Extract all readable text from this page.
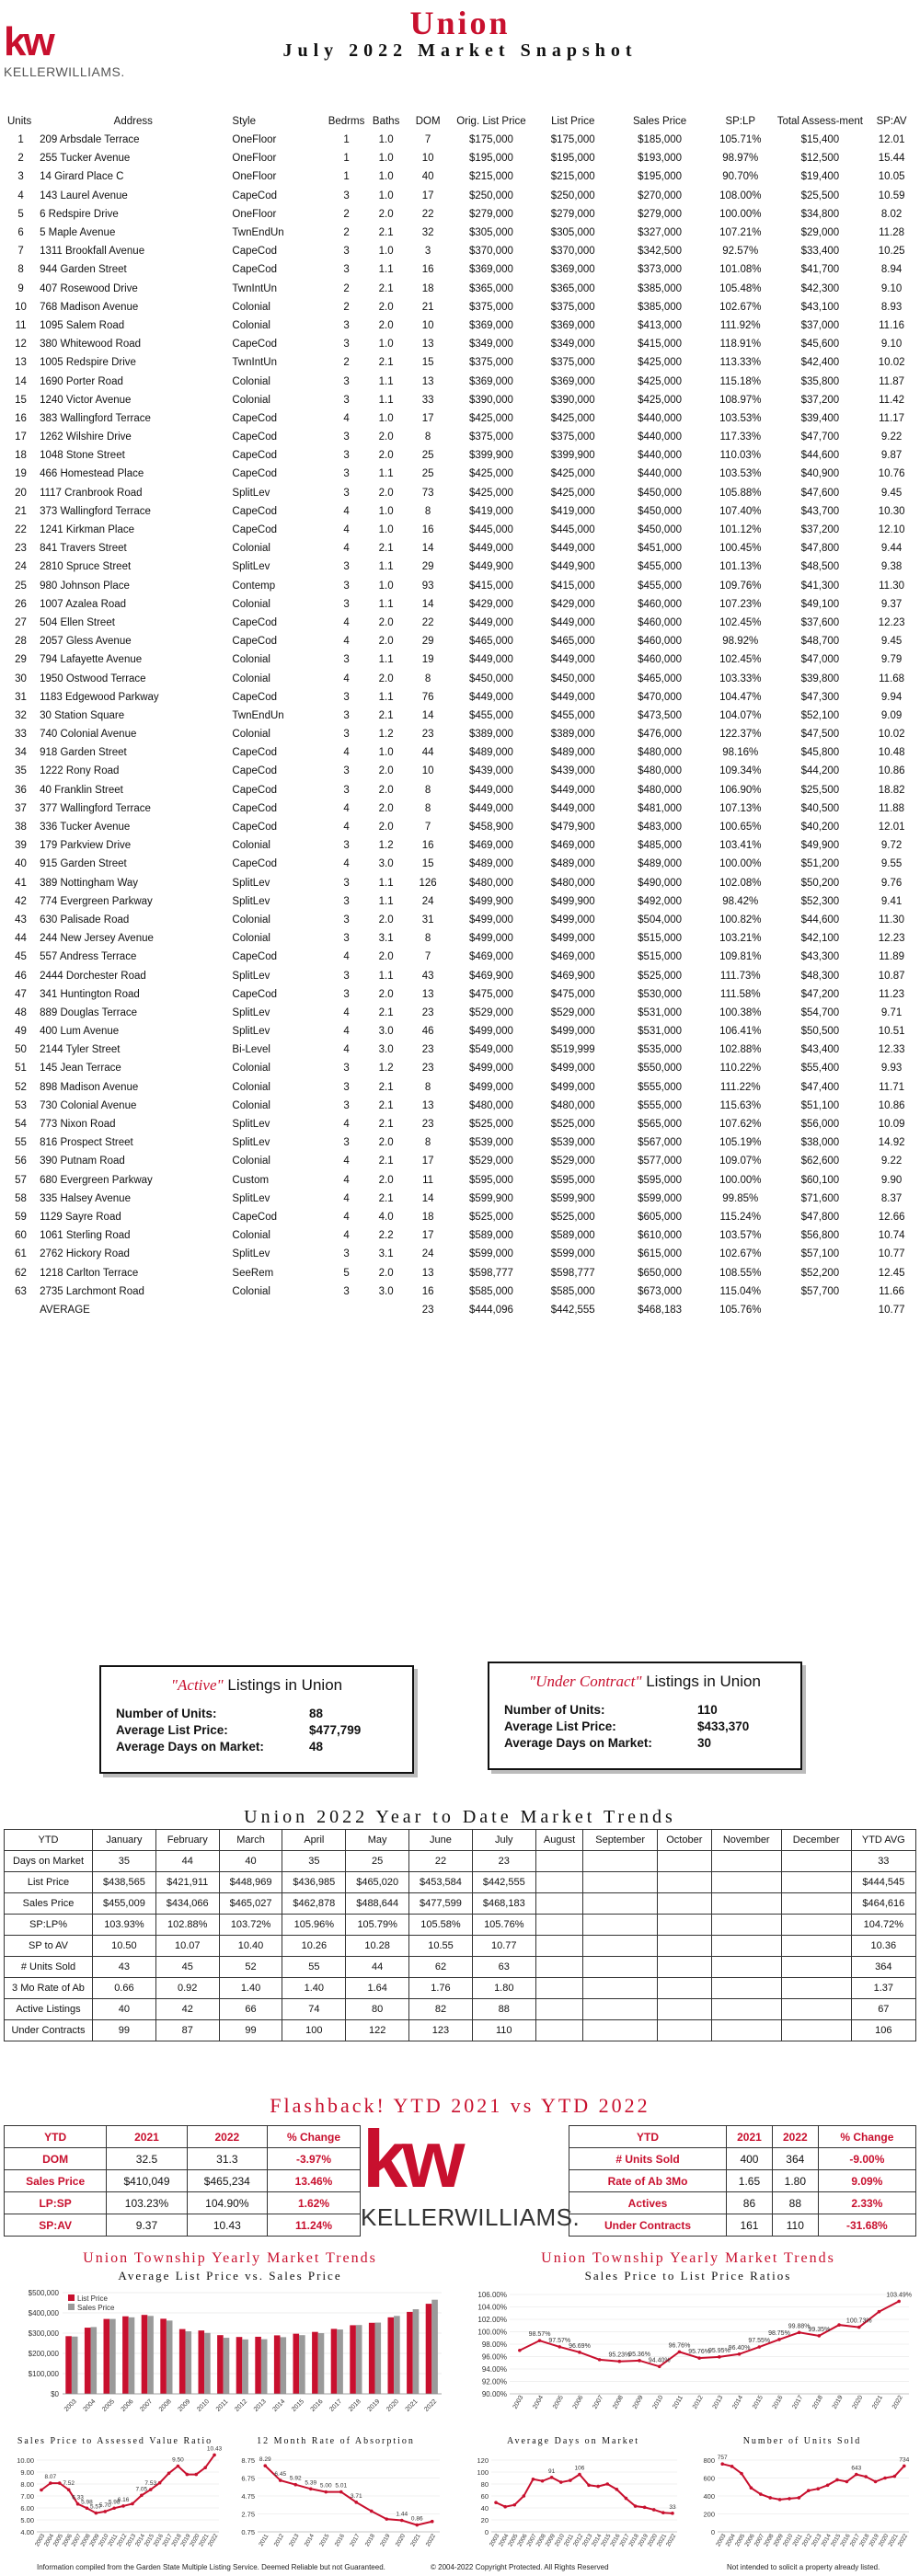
kw
KELLERWILLIAMS.
Union
July 2022 Market Snapshot
Units	Address	Style	Bedrms	Baths	DOM	Orig. List Price	List Price	Sales Price	SP:LP	Total Assess-ment	SP:AV
1	209 Arbsdale Terrace	OneFloor	1	1.0	7	$175,000	$175,000	$185,000	105.71%	$15,400	12.01
2	255 Tucker Avenue	OneFloor	1	1.0	10	$195,000	$195,000	$193,000	98.97%	$12,500	15.44
3	14 Girard Place C	OneFloor	1	1.0	40	$215,000	$215,000	$195,000	90.70%	$19,400	10.05
4	143 Laurel Avenue	CapeCod	3	1.0	17	$250,000	$250,000	$270,000	108.00%	$25,500	10.59
5	6 Redspire Drive	OneFloor	2	2.0	22	$279,000	$279,000	$279,000	100.00%	$34,800	8.02
6	5 Maple Avenue	TwnEndUn	2	2.1	32	$305,000	$305,000	$327,000	107.21%	$29,000	11.28
7	1311 Brookfall Avenue	CapeCod	3	1.0	3	$370,000	$370,000	$342,500	92.57%	$33,400	10.25
8	944 Garden Street	CapeCod	3	1.1	16	$369,000	$369,000	$373,000	101.08%	$41,700	8.94
9	407 Rosewood Drive	TwnIntUn	2	2.1	18	$365,000	$365,000	$385,000	105.48%	$42,300	9.10
10	768 Madison Avenue	Colonial	2	2.0	21	$375,000	$375,000	$385,000	102.67%	$43,100	8.93
11	1095 Salem Road	Colonial	3	2.0	10	$369,000	$369,000	$413,000	111.92%	$37,000	11.16
12	380 Whitewood Road	CapeCod	3	1.0	13	$349,000	$349,000	$415,000	118.91%	$45,600	9.10
13	1005 Redspire Drive	TwnIntUn	2	2.1	15	$375,000	$375,000	$425,000	113.33%	$42,400	10.02
14	1690 Porter Road	Colonial	3	1.1	13	$369,000	$369,000	$425,000	115.18%	$35,800	11.87
15	1240 Victor Avenue	Colonial	3	1.1	33	$390,000	$390,000	$425,000	108.97%	$37,200	11.42
16	383 Wallingford Terrace	CapeCod	4	1.0	17	$425,000	$425,000	$440,000	103.53%	$39,400	11.17
17	1262 Wilshire Drive	CapeCod	3	2.0	8	$375,000	$375,000	$440,000	117.33%	$47,700	9.22
18	1048 Stone Street	CapeCod	3	2.0	25	$399,900	$399,900	$440,000	110.03%	$44,600	9.87
19	466 Homestead Place	CapeCod	3	1.1	25	$425,000	$425,000	$440,000	103.53%	$40,900	10.76
20	1117 Cranbrook Road	SplitLev	3	2.0	73	$425,000	$425,000	$450,000	105.88%	$47,600	9.45
21	373 Wallingford Terrace	CapeCod	4	1.0	8	$419,000	$419,000	$450,000	107.40%	$43,700	10.30
22	1241 Kirkman Place	CapeCod	4	1.0	16	$445,000	$445,000	$450,000	101.12%	$37,200	12.10
23	841 Travers Street	Colonial	4	2.1	14	$449,000	$449,000	$451,000	100.45%	$47,800	9.44
24	2810 Spruce Street	SplitLev	3	1.1	29	$449,900	$449,900	$455,000	101.13%	$48,500	9.38
25	980 Johnson Place	Contemp	3	1.0	93	$415,000	$415,000	$455,000	109.76%	$41,300	11.30
26	1007 Azalea Road	Colonial	3	1.1	14	$429,000	$429,000	$460,000	107.23%	$49,100	9.37
27	504 Ellen Street	CapeCod	4	2.0	22	$449,000	$449,000	$460,000	102.45%	$37,600	12.23
28	2057 Gless Avenue	CapeCod	4	2.0	29	$465,000	$465,000	$460,000	98.92%	$48,700	9.45
29	794 Lafayette Avenue	Colonial	3	1.1	19	$449,000	$449,000	$460,000	102.45%	$47,000	9.79
30	1950 Ostwood Terrace	Colonial	4	2.0	8	$450,000	$450,000	$465,000	103.33%	$39,800	11.68
31	1183 Edgewood Parkway	CapeCod	3	1.1	76	$449,000	$449,000	$470,000	104.47%	$47,300	9.94
32	30 Station Square	TwnEndUn	3	2.1	14	$455,000	$455,000	$473,500	104.07%	$52,100	9.09
33	740 Colonial Avenue	Colonial	3	1.2	23	$389,000	$389,000	$476,000	122.37%	$47,500	10.02
34	918 Garden Street	CapeCod	4	1.0	44	$489,000	$489,000	$480,000	98.16%	$45,800	10.48
35	1222 Rony Road	CapeCod	3	2.0	10	$439,000	$439,000	$480,000	109.34%	$44,200	10.86
36	40 Franklin Street	CapeCod	3	2.0	8	$449,000	$449,000	$480,000	106.90%	$25,500	18.82
37	377 Wallingford Terrace	CapeCod	4	2.0	8	$449,000	$449,000	$481,000	107.13%	$40,500	11.88
38	336 Tucker Avenue	CapeCod	4	2.0	7	$458,900	$479,900	$483,000	100.65%	$40,200	12.01
39	179 Parkview Drive	Colonial	3	1.2	16	$469,000	$469,000	$485,000	103.41%	$49,900	9.72
40	915 Garden Street	CapeCod	4	3.0	15	$489,000	$489,000	$489,000	100.00%	$51,200	9.55
41	389 Nottingham Way	SplitLev	3	1.1	126	$480,000	$480,000	$490,000	102.08%	$50,200	9.76
42	774 Evergreen Parkway	SplitLev	3	1.1	24	$499,900	$499,900	$492,000	98.42%	$52,300	9.41
43	630 Palisade Road	Colonial	3	2.0	31	$499,000	$499,000	$504,000	100.82%	$44,600	11.30
44	244 New Jersey Avenue	Colonial	3	3.1	8	$499,000	$499,000	$515,000	103.21%	$42,100	12.23
45	557 Andress Terrace	CapeCod	4	2.0	7	$469,000	$469,000	$515,000	109.81%	$43,300	11.89
46	2444 Dorchester Road	SplitLev	3	1.1	43	$469,900	$469,900	$525,000	111.73%	$48,300	10.87
47	341 Huntington Road	CapeCod	3	2.0	13	$475,000	$475,000	$530,000	111.58%	$47,200	11.23
48	889 Douglas Terrace	SplitLev	4	2.1	23	$529,000	$529,000	$531,000	100.38%	$54,700	9.71
49	400 Lum Avenue	SplitLev	4	3.0	46	$499,000	$499,000	$531,000	106.41%	$50,500	10.51
50	2144 Tyler Street	Bi-Level	4	3.0	23	$549,000	$519,999	$535,000	102.88%	$43,400	12.33
51	145 Jean Terrace	Colonial	3	1.2	23	$499,000	$499,000	$550,000	110.22%	$55,400	9.93
52	898 Madison Avenue	Colonial	3	2.1	8	$499,000	$499,000	$555,000	111.22%	$47,400	11.71
53	730 Colonial Avenue	Colonial	3	2.1	13	$480,000	$480,000	$555,000	115.63%	$51,100	10.86
54	773 Nixon Road	SplitLev	4	2.1	23	$525,000	$525,000	$565,000	107.62%	$56,000	10.09
55	816 Prospect Street	SplitLev	3	2.0	8	$539,000	$539,000	$567,000	105.19%	$38,000	14.92
56	390 Putnam Road	Colonial	4	2.1	17	$529,000	$529,000	$577,000	109.07%	$62,600	9.22
57	680 Evergreen Parkway	Custom	4	2.0	11	$595,000	$595,000	$595,000	100.00%	$60,100	9.90
58	335 Halsey Avenue	SplitLev	4	2.1	14	$599,900	$599,900	$599,000	99.85%	$71,600	8.37
59	1129 Sayre Road	CapeCod	4	4.0	18	$525,000	$525,000	$605,000	115.24%	$47,800	12.66
60	1061 Sterling Road	Colonial	4	2.2	17	$589,000	$589,000	$610,000	103.57%	$56,800	10.74
61	2762 Hickory Road	SplitLev	3	3.1	24	$599,000	$599,000	$615,000	102.67%	$57,100	10.77
62	1218 Carlton Terrace	SeeRem	5	2.0	13	$598,777	$598,777	$650,000	108.55%	$52,200	12.45
63	2735 Larchmont Road	Colonial	3	3.0	16	$585,000	$585,000	$673,000	115.04%	$57,700	11.66
	AVERAGE				23	$444,096	$442,555	$468,183	105.76%		10.77
"Active" Listings in Union
Number of Units:	88
Average List Price:	$477,799
Average Days on Market:	48
"Under Contract" Listings in Union
Number of Units:	110
Average List Price:	$433,370
Average Days on Market:	30
Union 2022 Year to Date Market Trends
YTD	January	February	March	April	May	June	July	August	September	October	November	December	YTD AVG
Days on Market	35	44	40	35	25	22	23						33
List Price	$438,565	$421,911	$448,969	$436,985	$465,020	$453,584	$442,555						$444,545
Sales Price	$455,009	$434,066	$465,027	$462,878	$488,644	$477,599	$468,183						$464,616
SP:LP%	103.93%	102.88%	103.72%	105.96%	105.79%	105.58%	105.76%						104.72%
SP to AV	10.50	10.07	10.40	10.26	10.28	10.55	10.77						10.36
# Units Sold	43	45	52	55	44	62	63						364
3 Mo Rate of Ab	0.66	0.92	1.40	1.40	1.64	1.76	1.80						1.37
Active Listings	40	42	66	74	80	82	88						67
Under Contracts	99	87	99	100	122	123	110						106
Flashback! YTD 2021 vs YTD 2022
YTD	2021	2022	% Change
DOM	32.5	31.3	-3.97%
Sales Price	$410,049	$465,234	13.46%
LP:SP	103.23%	104.90%	1.62%
SP:AV	9.37	10.43	11.24%
kw
KELLERWILLIAMS.
YTD	2021	2022	% Change
# Units Sold	400	364	-9.00%
Rate of Ab 3Mo	1.65	1.80	9.09%
Actives	86	88	2.33%
Under Contracts	161	110	-31.68%
Union Township Yearly Market Trends	Union Township Yearly Market Trends
Average List Price vs. Sales Price	Sales Price to List Price Ratios
$0
$100,000
$200,000
$300,000
$400,000
$500,000
2003 2004 2005 2006 2007 2008 2009 2010 2011 2012 2013 2014 2015 2016 2017 2018 2019 2020 2021 2022
List Price
Sales Price
90.00%
92.00%
94.00%
96.00%
98.00%
100.00%
102.00%
104.00%
106.00%
2003
98.57%
2004
97.57%
2005
96.69%
2006 2007
95.23%
2008
95.36%
2009
94.40%
2010
96.76%
2011
95.76%
2012
95.95%
2013
96.40%
2014
97.55%
2015
98.75%
2016
99.88%
2017
99.35%
2018 2019
100.73%
2020 2021
103.49%
2022
Sales Price to Assessed Value Ratio	12 Month Rate of Absorption	Average Days on Market	Number of Units Sold
4.00
5.00
6.00
7.00
8.00
9.00
10.00
2003
8.07
2004
2005
7.52
2006
6.33
2007
5.98
2008
5.57
2009
5.70
2010
5.98
2011
6.16
2012
2013
7.05
2014
7.53
2015
2016
2017
9.50
2018
2019
2020
2021
10.43
2022
0.75
2.75
4.75
6.75
8.75 8.29
2011
6.45
2012
5.92
2013
5.39
2014
5.00
2015
5.01
2016
3.71
2017 2018 2019
1.44
2020
0.86
2021 2022
0
20
40
60
80
100
120
2003
2004
2005
2006
2007
2008
91
2009
2010
2011
106
2012
2013
2014
2015
2016
2017
2018
2019
2020
2021
33
2022
0
200
400
600
800 757
2003
2004
2005
2006
2007
2008
2009
2010
2011
2012
2013
2014
2015
2016
643
2017
2018
2019
2020
2021
734
2022
Information compiled from the Garden State Multiple Listing Service. Deemed Reliable but not Guaranteed.	© 2004-2022 Copyright Protected. All Rights Reserved	Not intended to solicit a property already listed.
